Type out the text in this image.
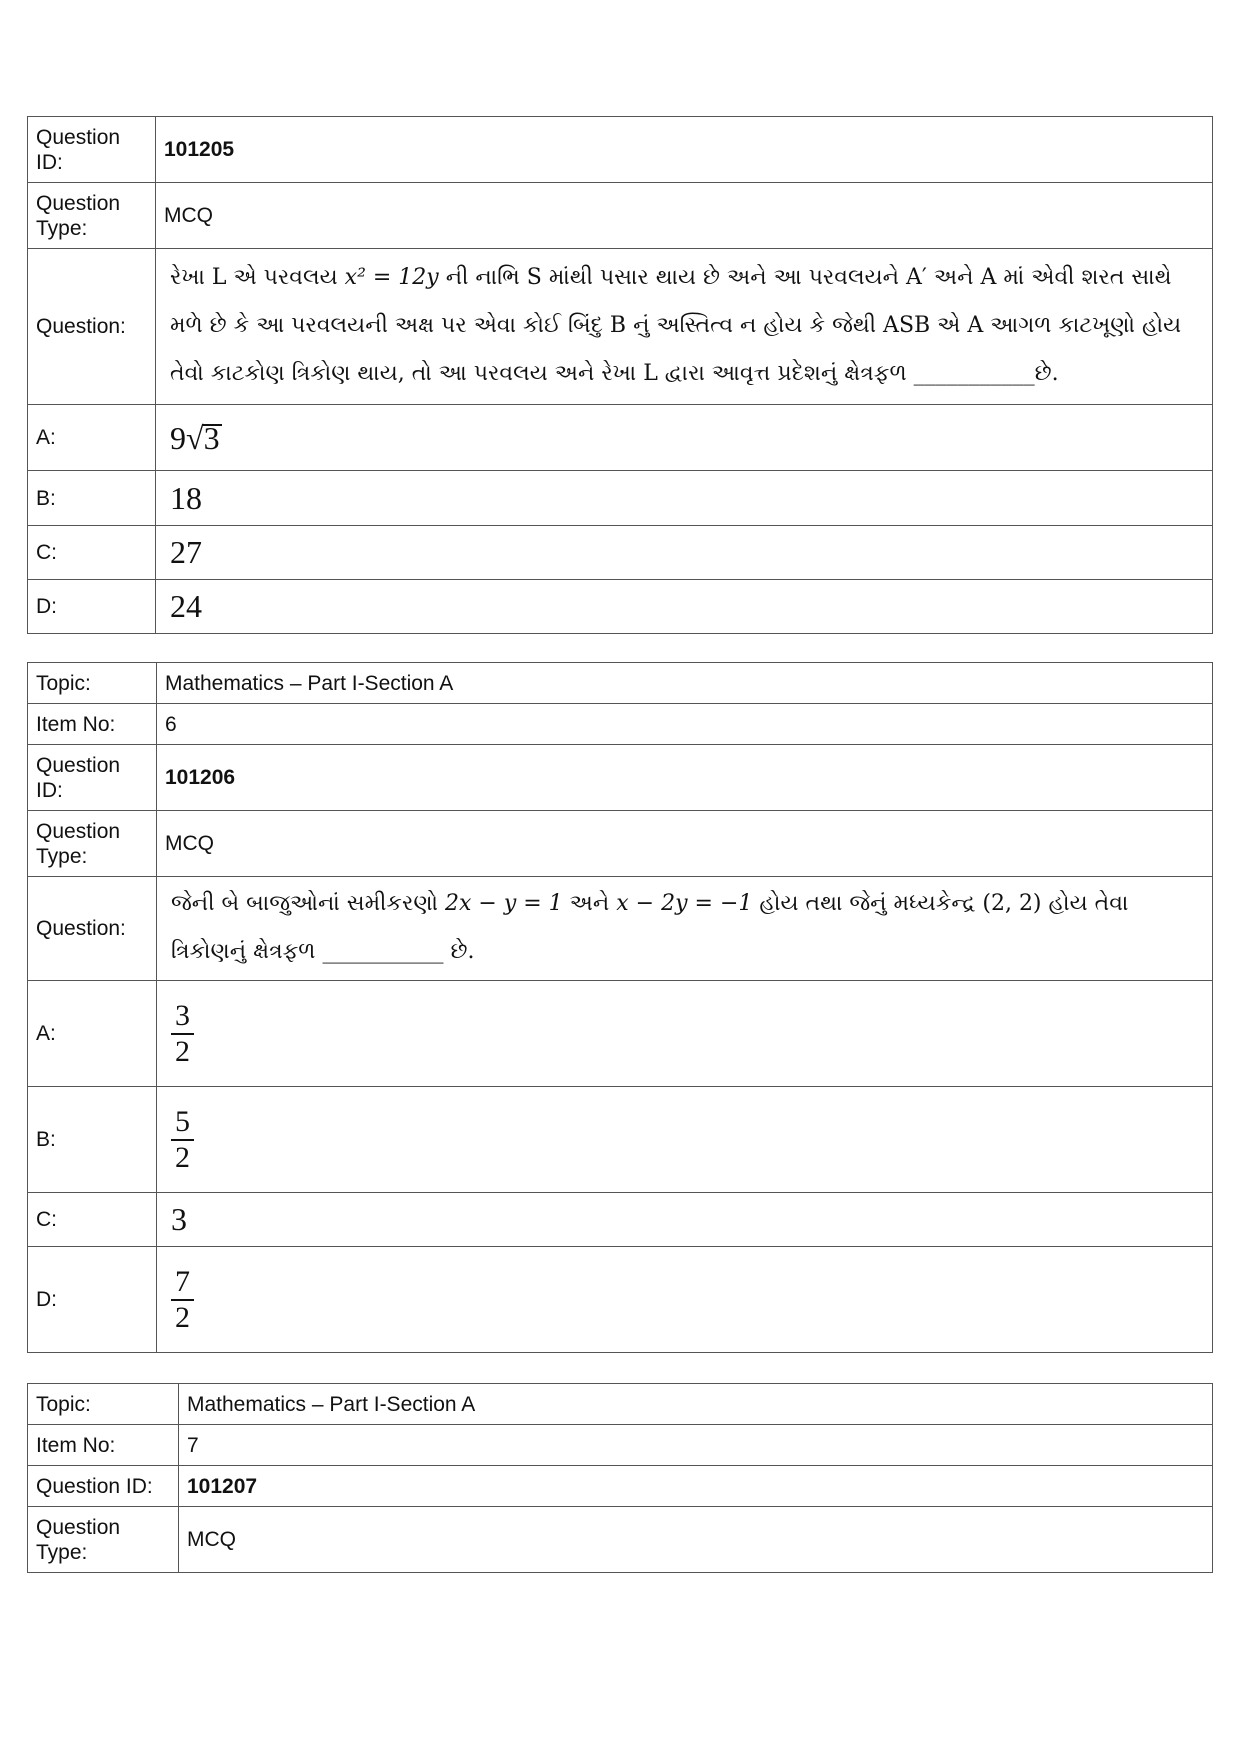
Question ID:	101205
Question Type:	MCQ
Question:	રેખા L એ પરવલય x² = 12y ની નાભિ S માંથી પસાર થાય છે અને આ પરવલયને A′ અને A માં એવી શરત સાથે મળે છે કે આ પરવલયની અક્ષ પર એવા કોઈ બિંદુ B નું અસ્તિત્વ ન હોય કે જેથી ASB એ A આગળ કાટખૂણો હોય તેવો કાટકોણ ત્રિકોણ થાય, તો આ પરવલય અને રેખા L દ્વારા આવૃત્ત પ્રદેશનું ક્ષેત્રફળ ___________છે.
A:	9√3
B:	18
C:	27
D:	24
Topic:	Mathematics – Part I-Section A
Item No:	6
Question ID:	101206
Question Type:	MCQ
Question:	જેની બે બાજુઓનાં સમીકરણો 2x − y = 1 અને x − 2y = −1 હોય તથા જેનું મધ્યકેન્દ્ર (2, 2) હોય તેવા ત્રિકોણનું ક્ષેત્રફળ ___________ છે.
A:	$\frac{3}{2}$

B:	$\frac{5}{2}$

C:	3
D:	$\frac{7}{2}$
Topic:	Mathematics – Part I-Section A
Item No:	7
Question ID:	101207
Question Type:	MCQ
